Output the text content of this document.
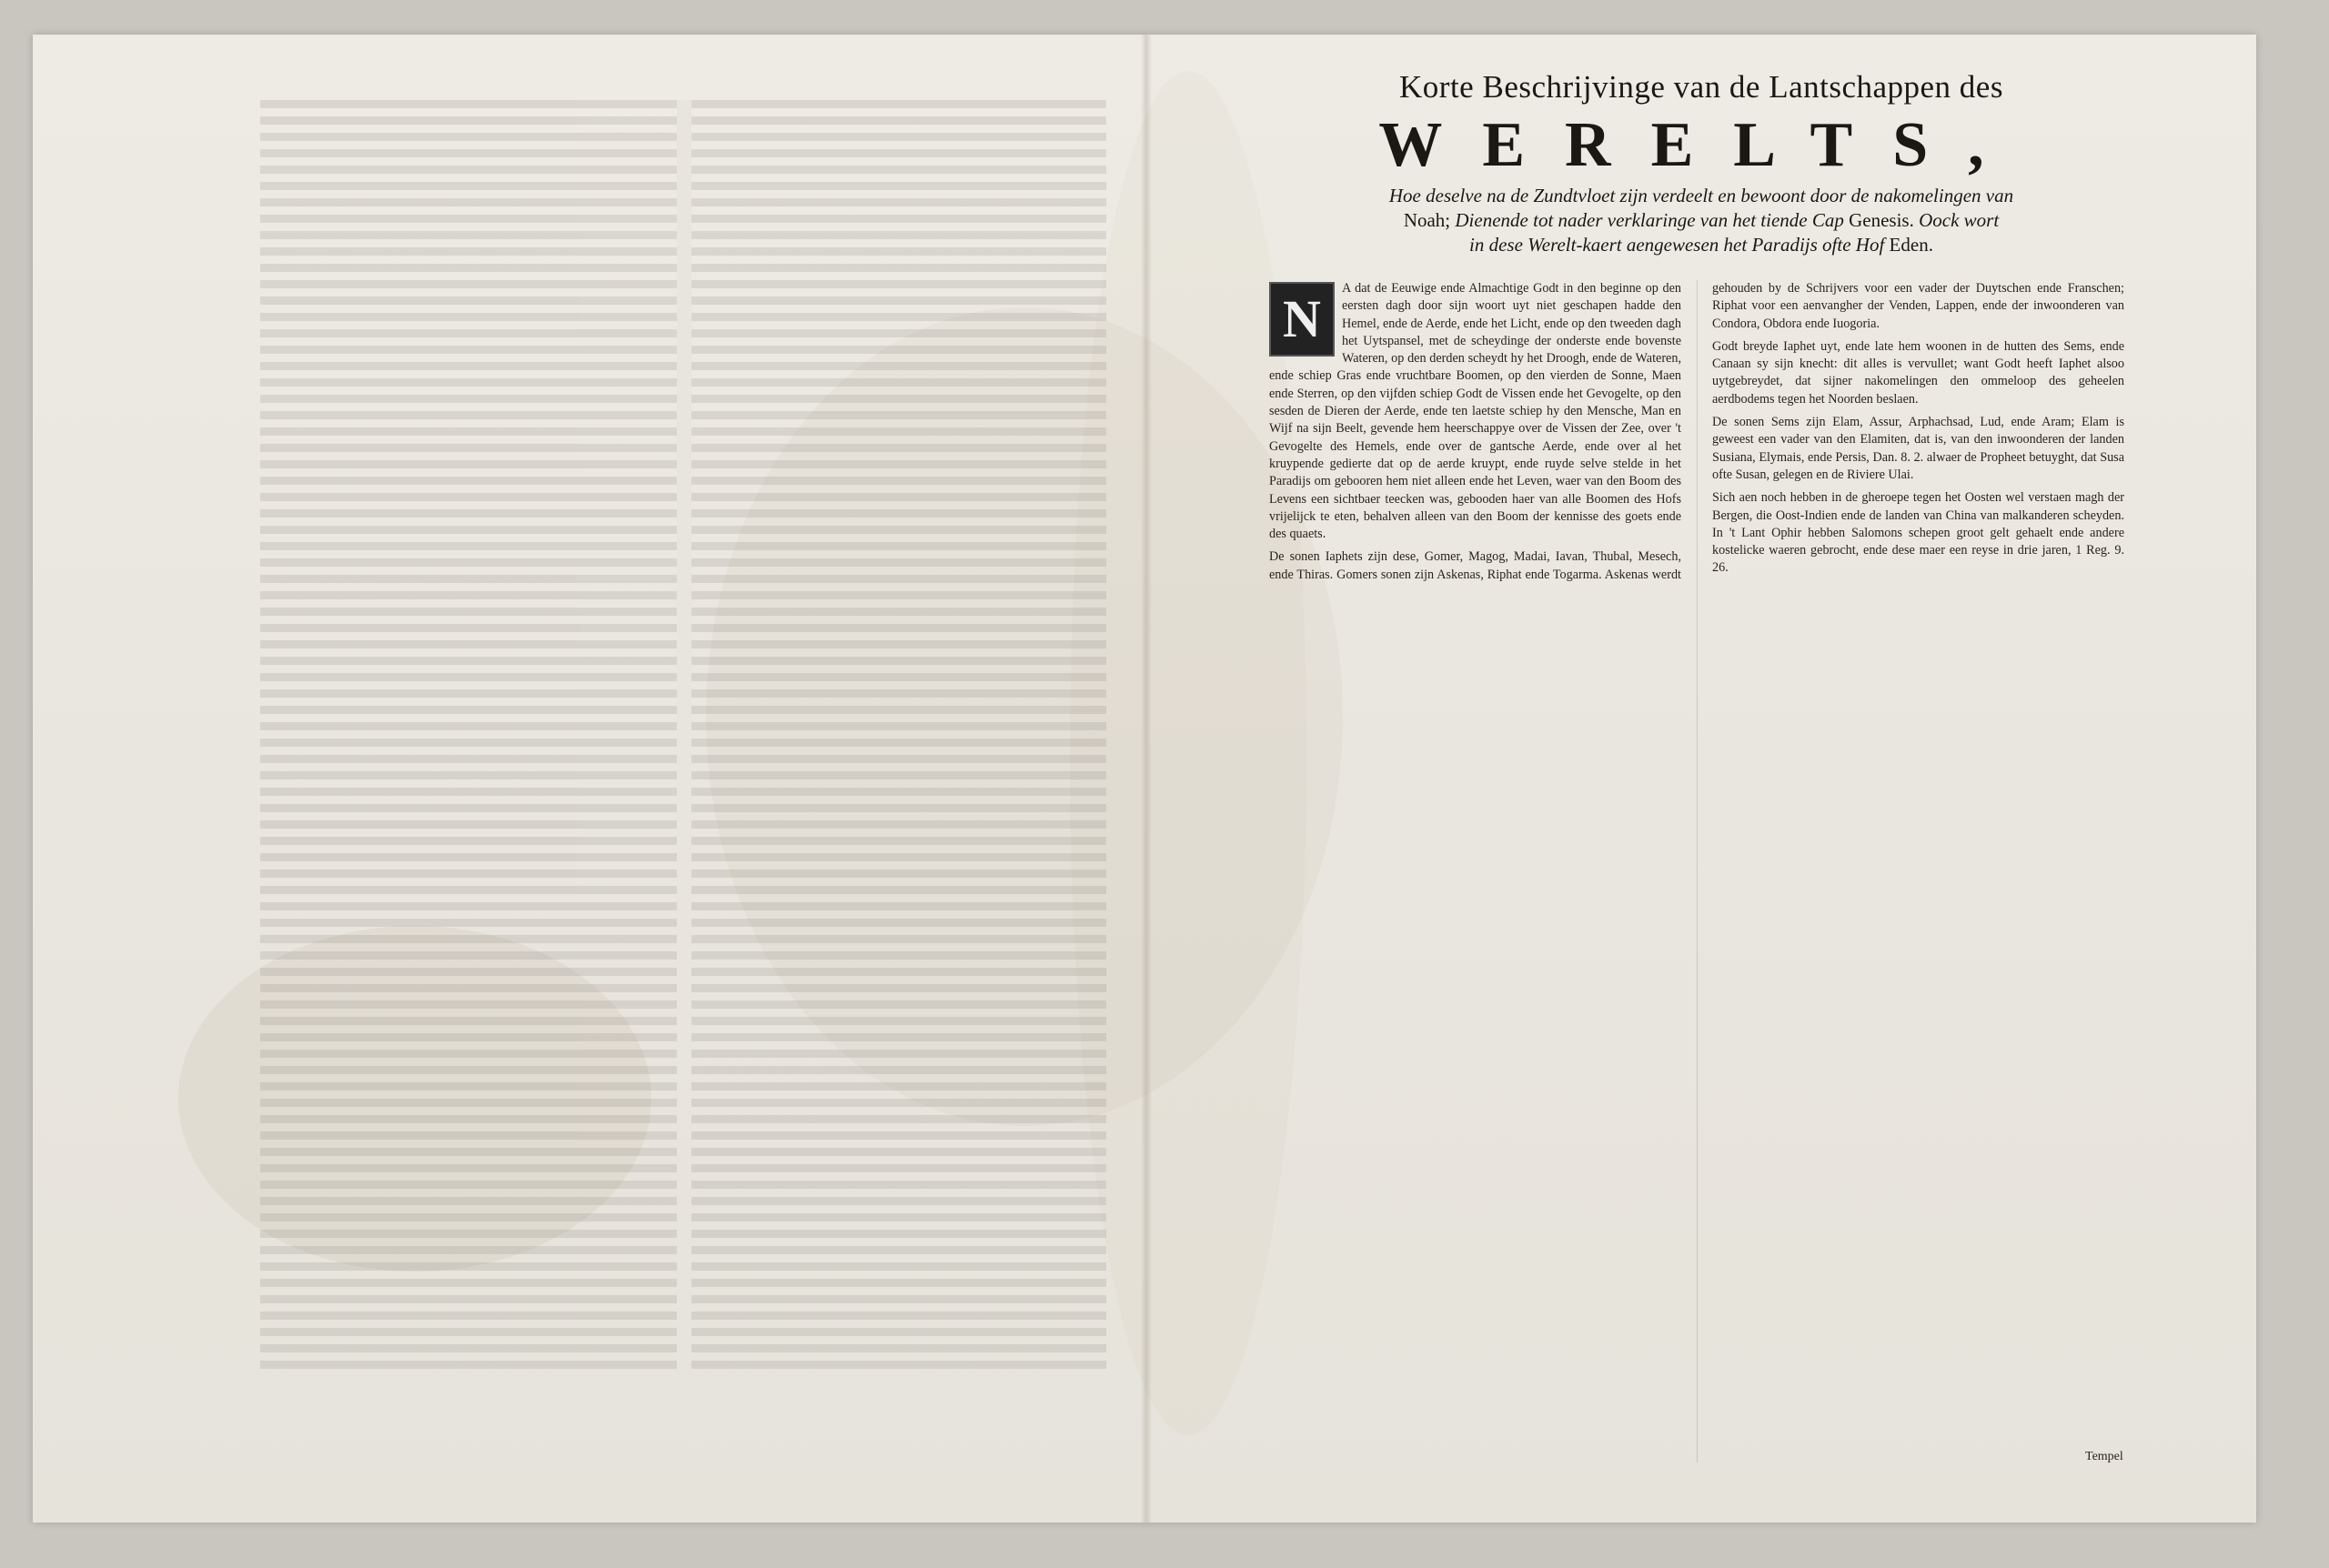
Korte Beschrijvinge van de Lantschappen des
WERELTS,
Hoe deselve na de Zundtvloet zijn verdeelt en bewoont door de nakomelingen van
Noah; Dienende tot nader verklaringe van het tiende Cap Genesis. Oock wort
in dese Werelt-kaert aengewesen het Paradijs ofte Hof Eden.
N

A dat de Eeuwige ende Almachtige Godt in den beginne op den eersten dagh door sijn woort uyt niet geschapen hadde den Hemel, ende de Aerde, ende het Licht, ende op den tweeden dagh het Uytspansel, met de scheydinge der onderste ende bovenste Wateren, op den derden scheydt hy het Droogh, ende de Wateren, ende schiep Gras ende vruchtbare Boomen, op den vierden de Sonne, Maen ende Sterren, op den vijfden schiep Godt de Vissen ende het Gevogelte, op den sesden de Dieren der Aerde, ende ten laetste schiep hy den Mensche, Man en Wijf na sijn Beelt, gevende hem heerschappye over de Vissen der Zee, over 't Gevogelte des Hemels, ende over de gantsche Aerde, ende over al het kruypende gedierte dat op de aerde kruypt, ende ruyde selve stelde in het Paradijs om gebooren hem niet alleen ende het Leven, waer van den Boom des Levens een sichtbaer teecken was, gebooden haer van alle Boomen des Hofs vrijelijck te eten, behalven alleen van den Boom der kennisse des goets ende des quaets.

De sonen Iaphets zijn dese, Gomer, Magog, Madai, Iavan, Thubal, Mesech, ende Thiras. Gomers sonen zijn Askenas, Riphat ende Togarma. Askenas werdt gehouden by de Schrijvers voor een vader der Duytschen ende Franschen; Riphat voor een aenvangher der Venden, Lappen, ende der inwoonderen van Condora, Obdora ende Iuogoria.

Godt breyde Iaphet uyt, ende late hem woonen in de hutten des Sems, ende Canaan sy sijn knecht: dit alles is vervullet; want Godt heeft Iaphet alsoo uytgebreydet, dat sijner nakomelingen den ommeloop des geheelen aerdbodems tegen het Noorden beslaen.

De sonen Sems zijn Elam, Assur, Arphachsad, Lud, ende Aram; Elam is geweest een vader van den Elamiten, dat is, van den inwoonderen der landen Susiana, Elymais, ende Persis, Dan. 8. 2. alwaer de Propheet betuyght, dat Susa ofte Susan, gelegen en de Riviere Ulai.

Sich aen noch hebben in de gheroepe tegen het Oosten wel verstaen magh der Bergen, die Oost-Indien ende de landen van China van malkanderen scheyden. In 't Lant Ophir hebben Salomons schepen groot gelt gehaelt ende andere kostelicke waeren gebrocht, ende dese maer een reyse in drie jaren, 1 Reg. 9. 26.

Tempel
